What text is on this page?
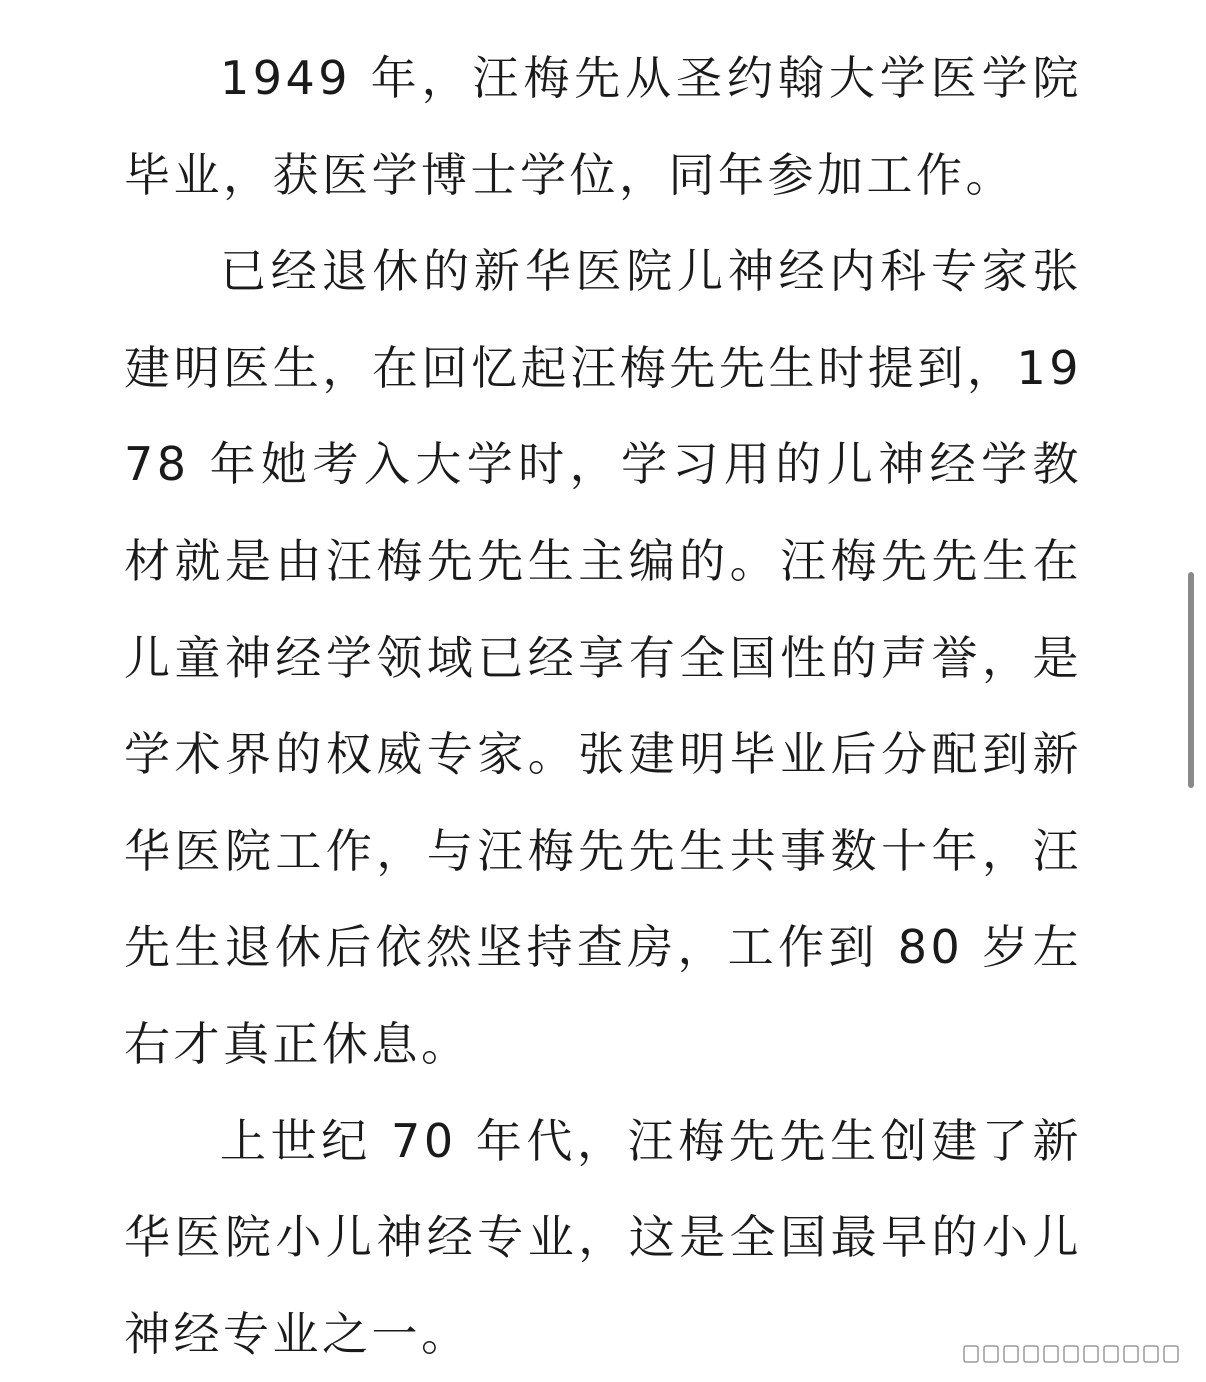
1949 年，汪梅先从圣约翰大学医学院毕业，获医学博士学位，同年参加工作。

已经退休的新华医院儿神经内科专家张建明医生，在回忆起汪梅先先生时提到，1978 年她考入大学时，学习用的儿神经学教材就是由汪梅先先生主编的。汪梅先先生在儿童神经学领域已经享有全国性的声誉，是学术界的权威专家。张建明毕业后分配到新华医院工作，与汪梅先先生共事数十年，汪先生退休后依然坚持查房，工作到 80 岁左右才真正休息。

上世纪 70 年代，汪梅先先生创建了新华医院小儿神经专业，这是全国最早的小儿神经专业之一。
